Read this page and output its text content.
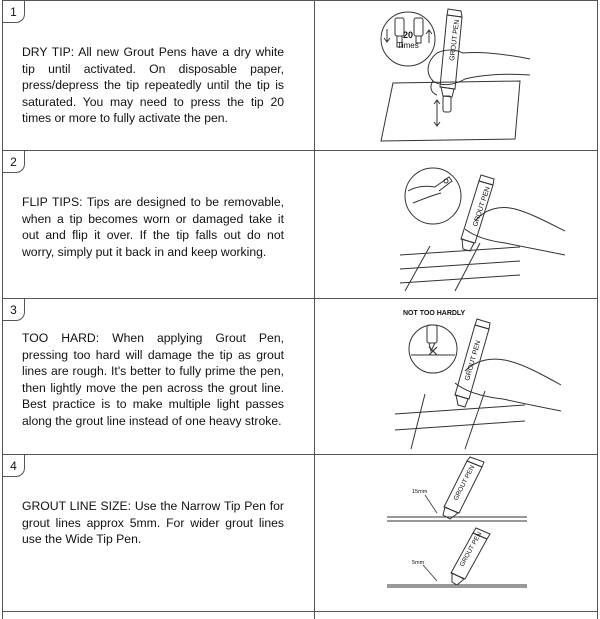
1

DRY TIP: All new Grout Pens have a dry white tip until activated. On disposable paper, press/depress the tip repeatedly until the tip is saturated. You may need to press the tip 20 times or more to fully activate the pen.

GROUT PEN
20
Times
2

FLIP TIPS: Tips are designed to be removable, when a tip becomes worn or damaged take it out and flip it over. If the tip falls out do not worry, simply put it back in and keep working.

GROUT PEN
3

TOO HARD: When applying Grout Pen, pressing too hard will damage the tip as grout lines are rough. It's better to fully prime the pen, then lightly move the pen across the grout line. Best practice is to make multiple light passes along the grout line instead of one heavy stroke.

NOT TOO HARDLY
GROUT PEN
4

GROUT LINE SIZE: Use the Narrow Tip Pen for grout lines approx 5mm. For wider grout lines use the Wide Tip Pen.

15mm
5mm
GROUT PEN
GROUT PEN
